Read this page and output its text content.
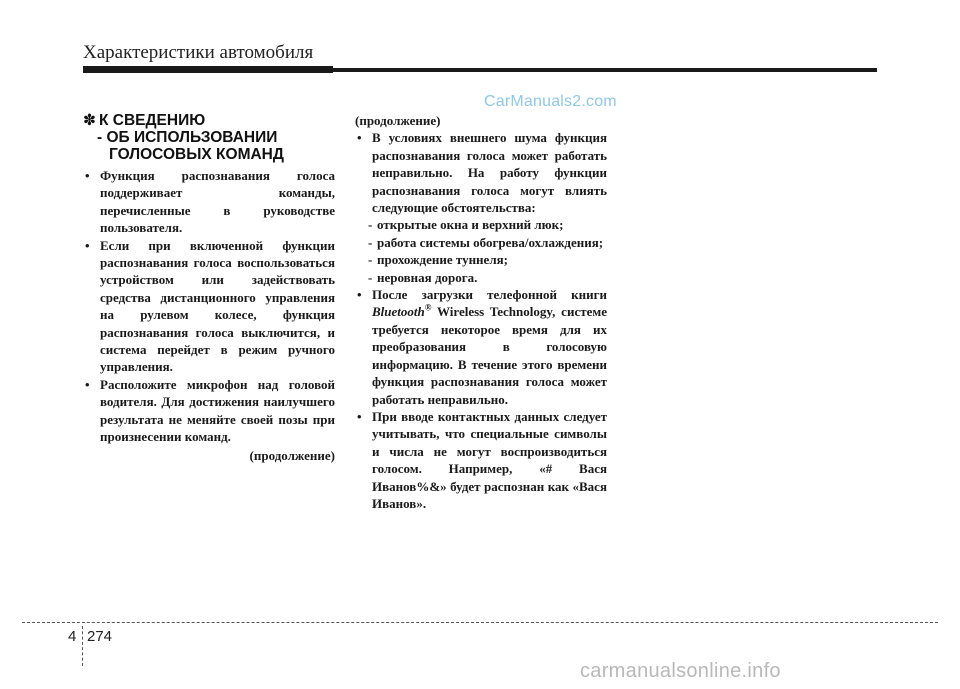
Характеристики автомобиля
CarManuals2.com
✽ К СВЕДЕНИЮ
- ОБ ИСПОЛЬЗОВАНИИ
ГОЛОСОВЫХ КОМАНД
• Функция распознавания голоса поддерживает команды, перечисленные в руководстве пользователя.
• Если при включенной функции распознавания голоса воспользоваться устройством или задействовать средства дистанционного управления на рулевом колесе, функция распознавания голоса выключится, и система перейдет в режим ручного управления.
• Расположите микрофон над головой водителя. Для достижения наилучшего результата не меняйте своей позы при произнесении команд.
(продолжение)
(продолжение)
• В условиях внешнего шума функция распознавания голоса может работать неправильно. На работу функции распознавания голоса могут влиять следующие обстоятельства:
- открытые окна и верхний люк;
- работа системы обогрева/охлаждения;
- прохождение туннеля;
- неровная дорога.
• После загрузки телефонной книги Bluetooth® Wireless Technology, системе требуется некоторое время для их преобразования в голосовую информацию. В течение этого времени функция распознавания голоса может работать неправильно.
• При вводе контактных данных следует учитывать, что специальные символы и числа не могут воспроизводиться голосом. Например, «# Вася Иванов%&» будет распознан как «Вася Иванов».
4 274
carmanualsonline.info
